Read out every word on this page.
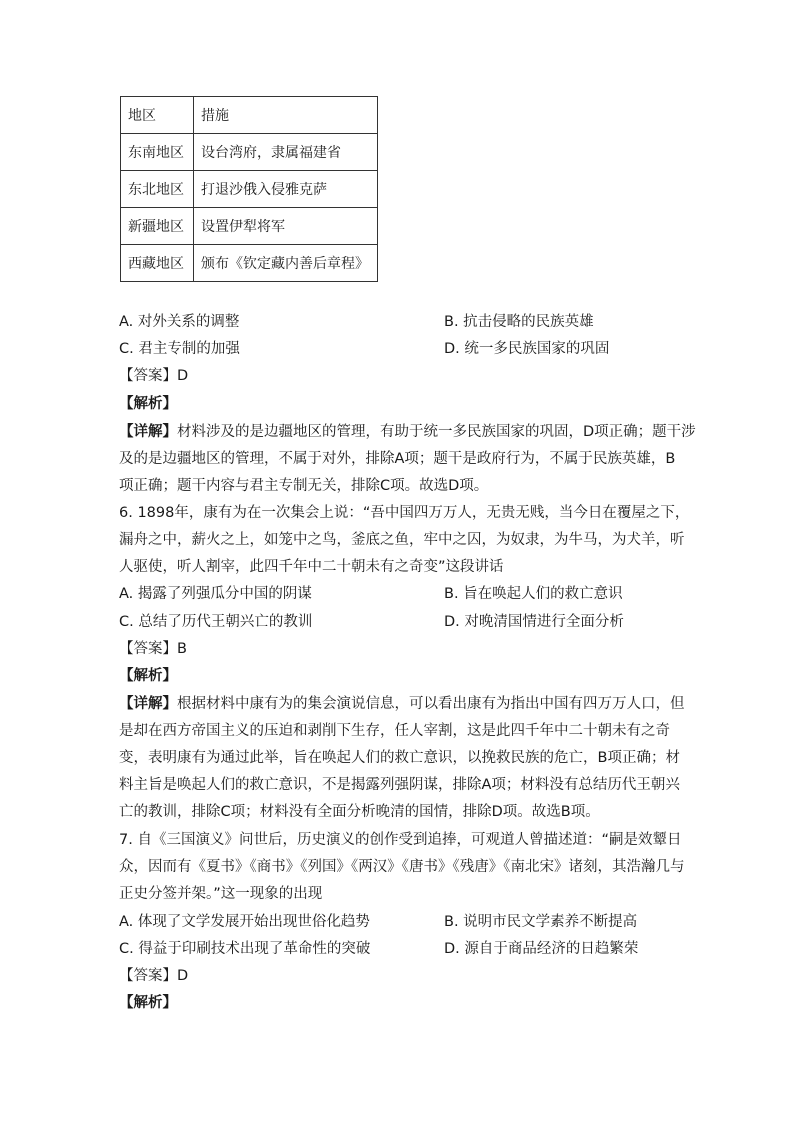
地区	措施
东南地区	设台湾府，隶属福建省
东北地区	打退沙俄入侵雅克萨
新疆地区	设置伊犁将军
西藏地区	颁布《钦定藏内善后章程》
A. 对外关系的调整	B. 抗击侵略的民族英雄
C. 君主专制的加强	D. 统一多民族国家的巩固
【答案】D
【解析】
【详解】材料涉及的是边疆地区的管理，有助于统一多民族国家的巩固，D项正确；题干涉
及的是边疆地区的管理，不属于对外，排除A项；题干是政府行为，不属于民族英雄，B
项正确；题干内容与君主专制无关，排除C项。故选D项。
6. 1898年，康有为在一次集会上说：“吾中国四万万人，无贵无贱，当今日在覆屋之下，
漏舟之中，薪火之上，如笼中之鸟，釜底之鱼，牢中之囚，为奴隶，为牛马，为犬羊，听
人驱使，听人割宰，此四千年中二十朝未有之奇变”这段讲话
A. 揭露了列强瓜分中国的阴谋	B. 旨在唤起人们的救亡意识
C. 总结了历代王朝兴亡的教训	D. 对晚清国情进行全面分析
【答案】B
【解析】
【详解】根据材料中康有为的集会演说信息，可以看出康有为指出中国有四万万人口，但
是却在西方帝国主义的压迫和剥削下生存，任人宰割，这是此四千年中二十朝未有之奇
变，表明康有为通过此举，旨在唤起人们的救亡意识，以挽救民族的危亡，B项正确；材
料主旨是唤起人们的救亡意识，不是揭露列强阴谋，排除A项；材料没有总结历代王朝兴
亡的教训，排除C项；材料没有全面分析晚清的国情，排除D项。故选B项。
7. 自《三国演义》问世后，历史演义的创作受到追捧，可观道人曾描述道：“嗣是效颦日
众，因而有《夏书》《商书》《列国》《两汉》《唐书》《残唐》《南北宋》诸刻，其浩瀚几与
正史分签并架。”这一现象的出现
A. 体现了文学发展开始出现世俗化趋势	B. 说明市民文学素养不断提高
C. 得益于印刷技术出现了革命性的突破	D. 源自于商品经济的日趋繁荣
【答案】D
【解析】
